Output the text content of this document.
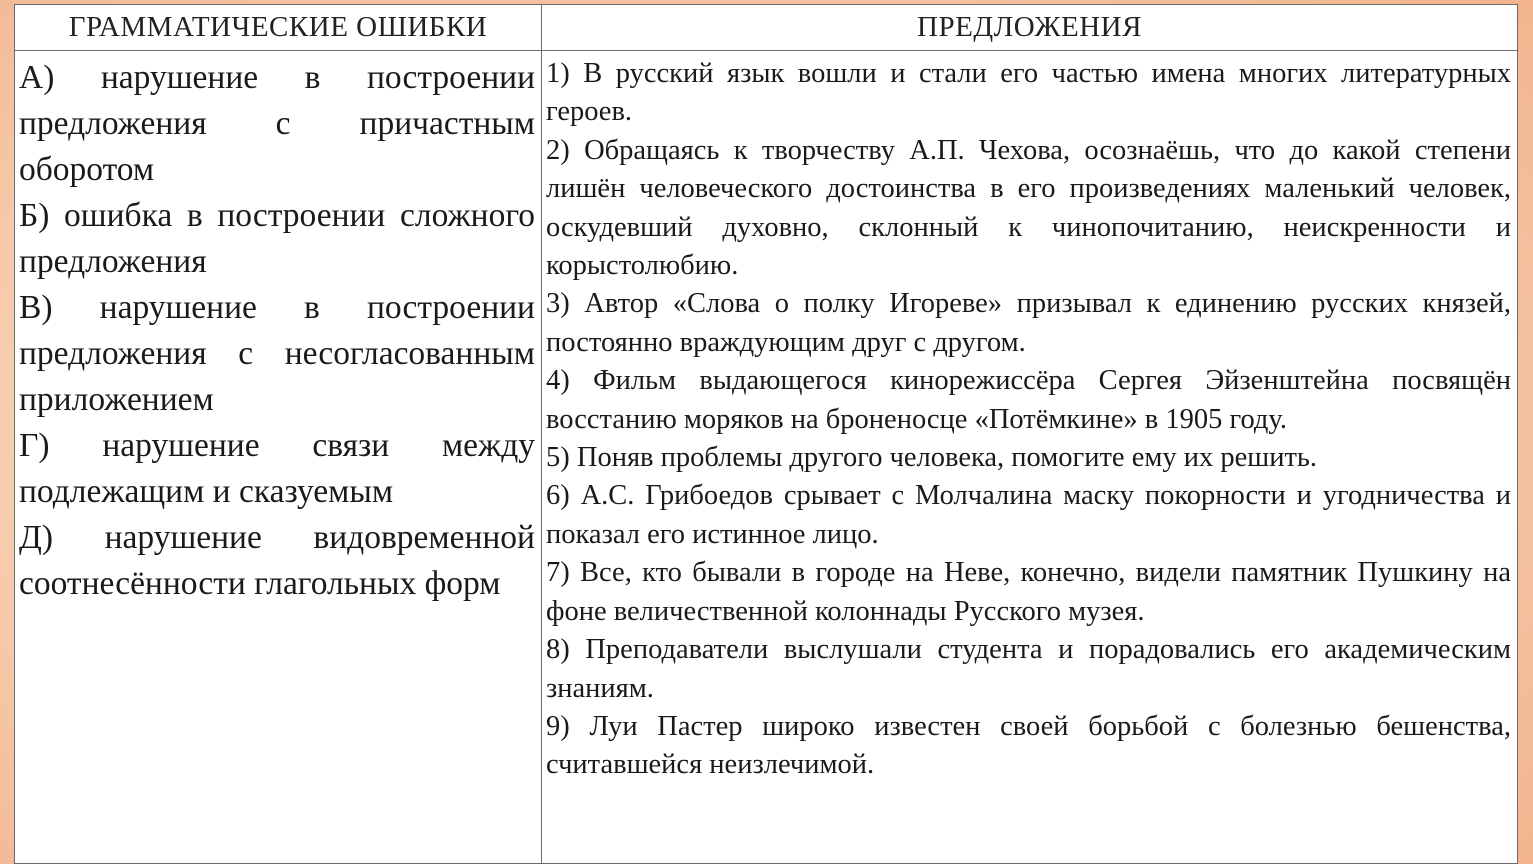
ГРАММАТИЧЕСКИЕ ОШИБКИ	ПРЕДЛОЖЕНИЯ

А) нарушение в построении предложения с причастным оборотом

Б) ошибка в построении сложного предложения

В) нарушение в построении предложения с несогласованным приложением

Г) нарушение связи между подлежащим и сказуемым

Д) нарушение видовременной соотнесённости глагольных форм

1) В русский язык вошли и стали его частью имена многих литературных героев.

2) Обращаясь к творчеству А.П. Чехова, осознаёшь, что до какой степени лишён человеческого достоинства в его произведениях маленький человек, оскудевший духовно, склонный к чинопочитанию, неискренности и корыстолюбию.

3) Автор «Слова о полку Игореве» призывал к единению русских князей, постоянно враждующим друг с другом.

4) Фильм выдающегося кинорежиссёра Сергея Эйзенштейна посвящён восстанию моряков на броненосце «Потёмкине» в 1905 году.

5) Поняв проблемы другого человека, помогите ему их решить.

6) А.С. Грибоедов срывает с Молчалина маску покорности и угодничества и показал его истинное лицо.

7) Все, кто бывали в городе на Неве, конечно, видели памятник Пушкину на фоне величественной колоннады Русского музея.

8) Преподаватели выслушали студента и порадовались его академическим знаниям.

9) Луи Пастер широко известен своей борьбой с болезнью бешенства, считавшейся неизлечимой.
